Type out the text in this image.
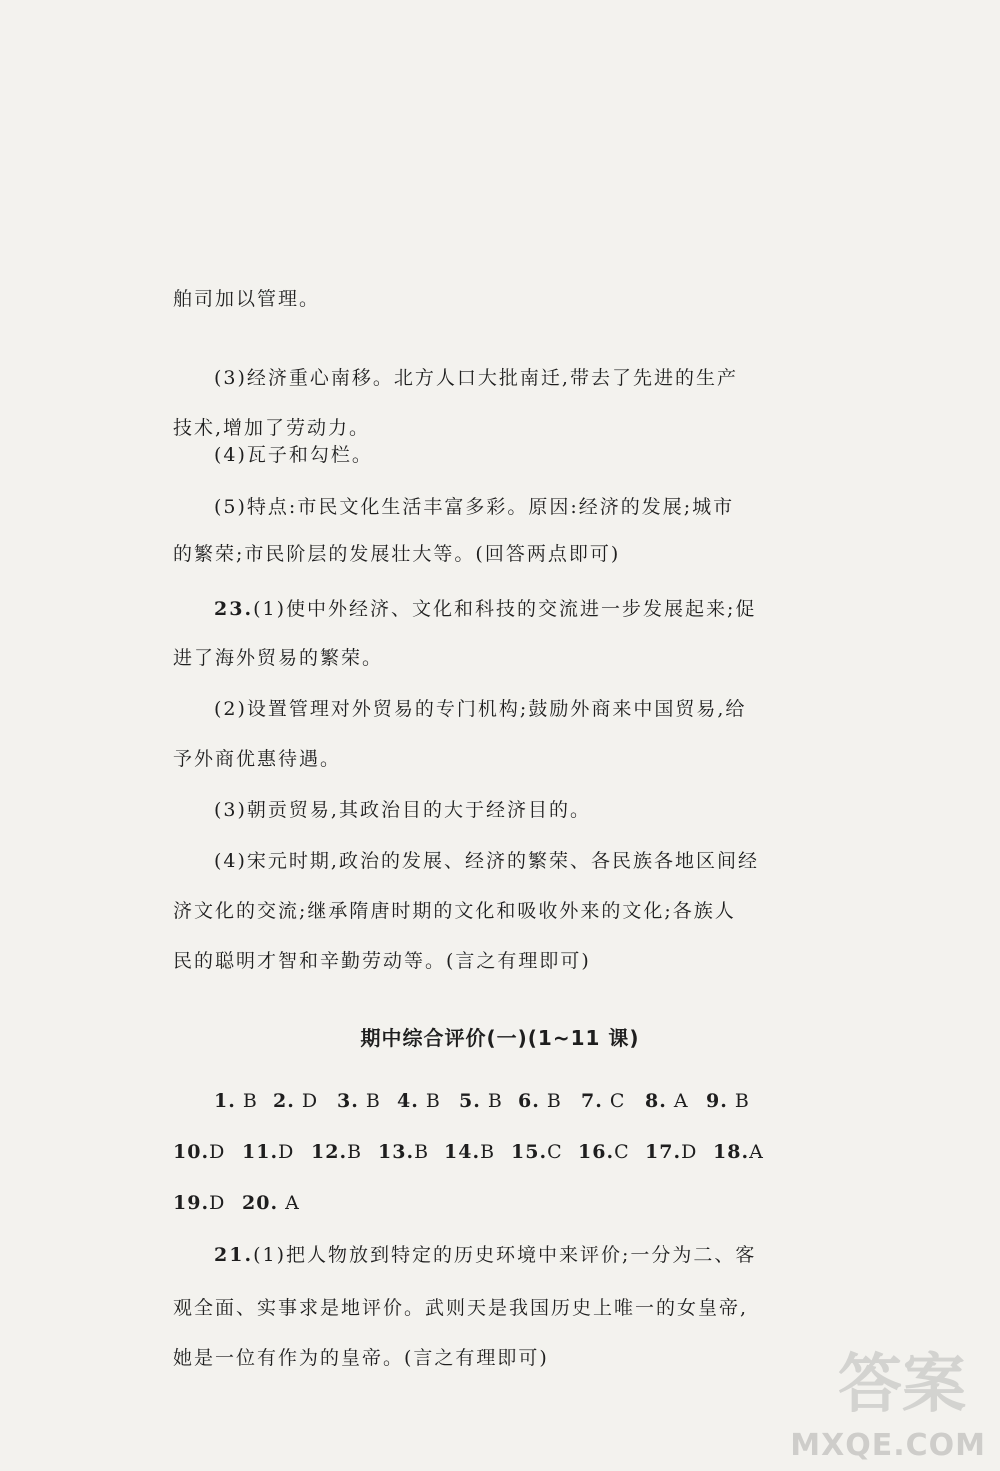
舶司加以管理。
(3)经济重心南移。北方人口大批南迁,带去了先进的生产
技术,增加了劳动力。
(4)瓦子和勾栏。
(5)特点:市民文化生活丰富多彩。原因:经济的发展;城市
的繁荣;市民阶层的发展壮大等。(回答两点即可)
23.(1)使中外经济、文化和科技的交流进一步发展起来;促
进了海外贸易的繁荣。
(2)设置管理对外贸易的专门机构;鼓励外商来中国贸易,给
予外商优惠待遇。
(3)朝贡贸易,其政治目的大于经济目的。
(4)宋元时期,政治的发展、经济的繁荣、各民族各地区间经
济文化的交流;继承隋唐时期的文化和吸收外来的文化;各族人
民的聪明才智和辛勤劳动等。(言之有理即可)
期中综合评价(一)(1~11 课)
1. B 2. D 3. B 4. B 5. B 6. B 7. C 8. A 9. B
10.D 11.D 12.B 13.B 14.B 15.C 16.C 17.D 18.A
19.D 20. A
21.(1)把人物放到特定的历史环境中来评价;一分为二、客
观全面、实事求是地评价。武则天是我国历史上唯一的女皇帝,
她是一位有作为的皇帝。(言之有理即可)	答案
MXQE.COM
